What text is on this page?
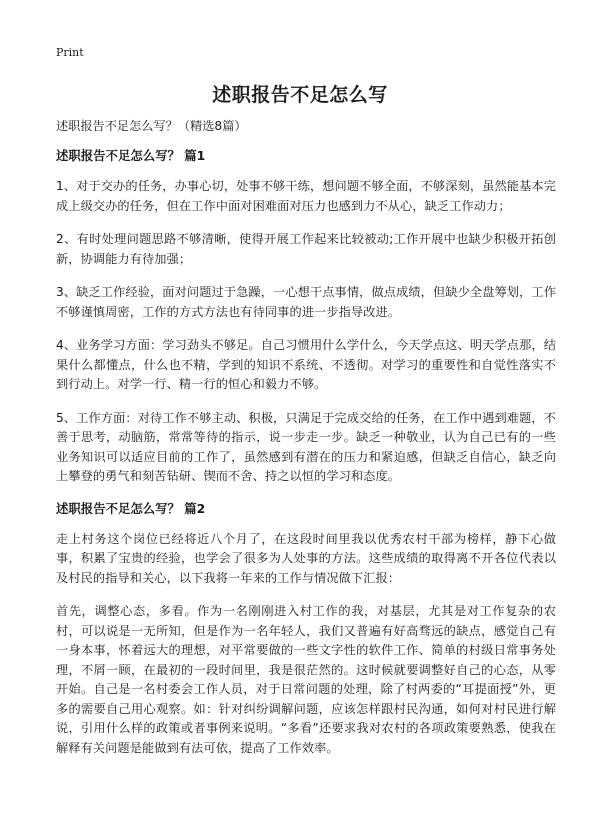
Print
述职报告不足怎么写

述职报告不足怎么写？（精选8篇）

述职报告不足怎么写？ 篇1

1、对于交办的任务，办事心切，处事不够干练，想问题不够全面，不够深刻，虽然能基本完成上级交办的任务，但在工作中面对困难面对压力也感到力不从心，缺乏工作动力；

2、有时处理问题思路不够清晰，使得开展工作起来比较被动;工作开展中也缺少积极开拓创新，协调能力有待加强；

3、缺乏工作经验，面对问题过于急躁，一心想干点事情，做点成绩，但缺少全盘筹划，工作不够谨慎周密，工作的方式方法也有待同事的进一步指导改进。

4、业务学习方面：学习劲头不够足。自己习惯用什么学什么，今天学点这、明天学点那，结果什么都懂点，什么也不精，学到的知识不系统、不透彻。对学习的重要性和自觉性落实不到行动上。对学一行、精一行的恒心和毅力不够。

5、工作方面：对待工作不够主动、积极，只满足于完成交给的任务，在工作中遇到难题，不善于思考，动脑筋，常常等待的指示，说一步走一步。缺乏一种敬业，认为自己已有的一些业务知识可以适应目前的工作了，虽然感到有潜在的压力和紧迫感，但缺乏自信心，缺乏向上攀登的勇气和刻苦钻研、锲而不舍、持之以恒的学习和态度。

述职报告不足怎么写？ 篇2

走上村务这个岗位已经将近八个月了，在这段时间里我以优秀农村干部为榜样，静下心做事，积累了宝贵的经验，也学会了很多为人处事的方法。这些成绩的取得离不开各位代表以及村民的指导和关心，以下我将一年来的工作与情况做下汇报：

首先，调整心态，多看。作为一名刚刚进入村工作的我，对基层，尤其是对工作复杂的农村，可以说是一无所知，但是作为一名年轻人，我们又普遍有好高骛远的缺点，感觉自己有一身本事，怀着远大的理想，对平常要做的一些文字性的软件工作、简单的村级日常事务处理，不屑一顾，在最初的一段时间里，我是很茫然的。这时候就要调整好自己的心态，从零开始。自己是一名村委会工作人员，对于日常问题的处理，除了村两委的“耳提面授”外，更多的需要自己用心观察。如：针对纠纷调解问题，应该怎样跟村民沟通，如何对村民进行解说，引用什么样的政策或者事例来说明。“多看”还要求我对农村的各项政策要熟悉，使我在解释有关问题是能做到有法可依，提高了工作效率。
